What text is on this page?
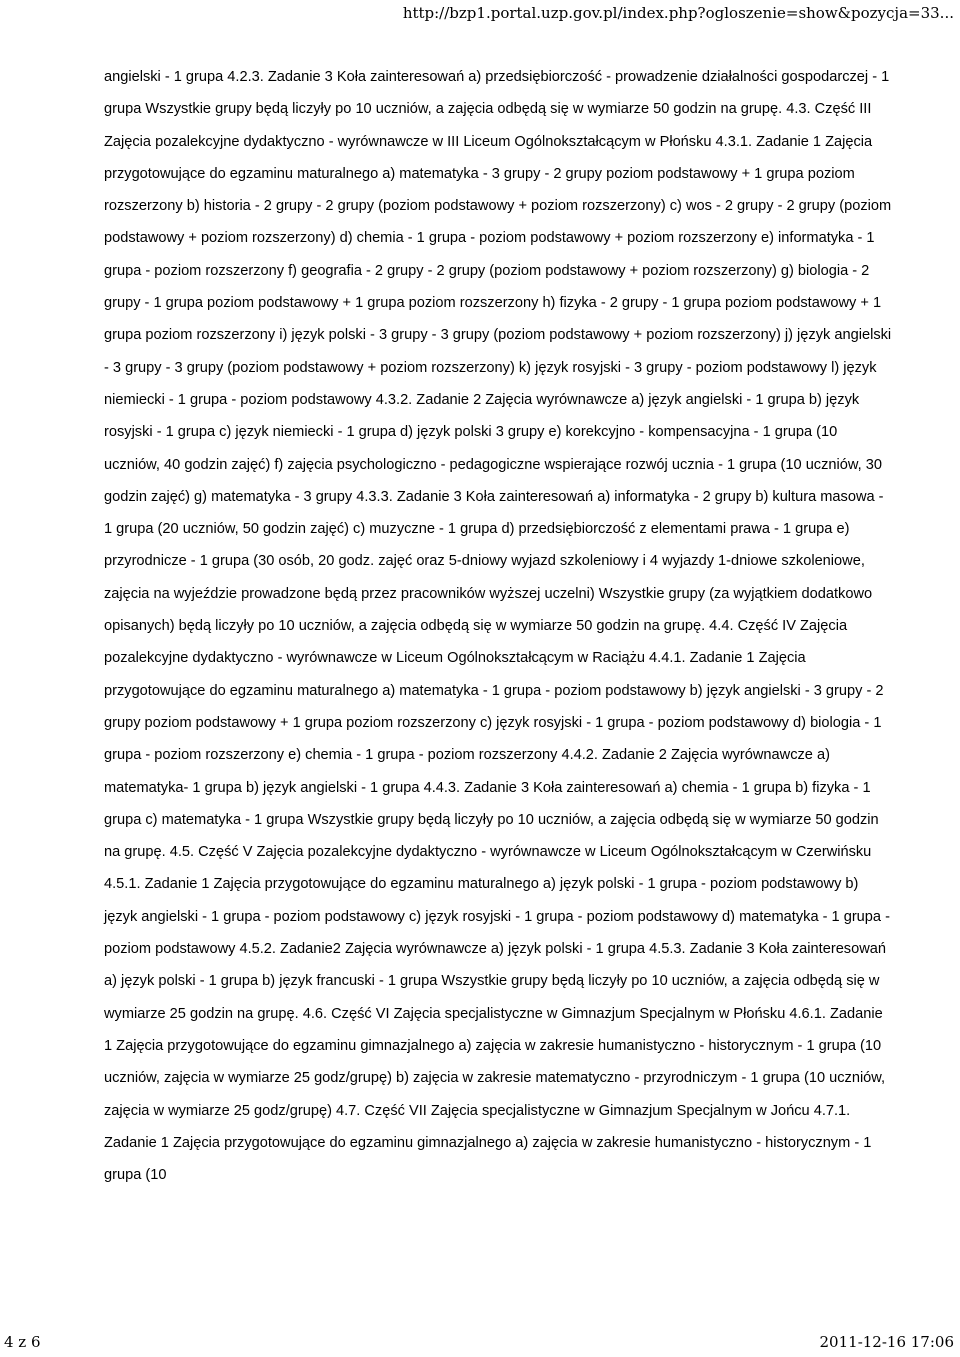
http://bzp1.portal.uzp.gov.pl/index.php?ogloszenie=show&pozycja=33...

angielski - 1 grupa 4.2.3. Zadanie 3 Koła zainteresowań a) przedsiębiorczość - prowadzenie działalności gospodarczej - 1 grupa Wszystkie grupy będą liczyły po 10 uczniów, a zajęcia odbędą się w wymiarze 50 godzin na grupę. 4.3. Część III Zajęcia pozalekcyjne dydaktyczno - wyrównawcze w III Liceum Ogólnokształcącym w Płońsku 4.3.1. Zadanie 1 Zajęcia przygotowujące do egzaminu maturalnego a) matematyka - 3 grupy - 2 grupy poziom podstawowy + 1 grupa poziom rozszerzony b) historia - 2 grupy - 2 grupy (poziom podstawowy + poziom rozszerzony) c) wos - 2 grupy - 2 grupy (poziom podstawowy + poziom rozszerzony) d) chemia - 1 grupa - poziom podstawowy + poziom rozszerzony e) informatyka - 1 grupa - poziom rozszerzony f) geografia - 2 grupy - 2 grupy (poziom podstawowy + poziom rozszerzony) g) biologia - 2 grupy - 1 grupa poziom podstawowy + 1 grupa poziom rozszerzony h) fizyka - 2 grupy - 1 grupa poziom podstawowy + 1 grupa poziom rozszerzony i) język polski - 3 grupy - 3 grupy (poziom podstawowy + poziom rozszerzony) j) język angielski - 3 grupy - 3 grupy (poziom podstawowy + poziom rozszerzony) k) język rosyjski - 3 grupy - poziom podstawowy l) język niemiecki - 1 grupa - poziom podstawowy 4.3.2. Zadanie 2 Zajęcia wyrównawcze a) język angielski - 1 grupa b) język rosyjski - 1 grupa c) język niemiecki - 1 grupa d) język polski 3 grupy e) korekcyjno - kompensacyjna - 1 grupa (10 uczniów, 40 godzin zajęć) f) zajęcia psychologiczno - pedagogiczne wspierające rozwój ucznia - 1 grupa (10 uczniów, 30 godzin zajęć) g) matematyka - 3 grupy 4.3.3. Zadanie 3 Koła zainteresowań a) informatyka - 2 grupy b) kultura masowa - 1 grupa (20 uczniów, 50 godzin zajęć) c) muzyczne - 1 grupa d) przedsiębiorczość z elementami prawa - 1 grupa e) przyrodnicze - 1 grupa (30 osób, 20 godz. zajęć oraz 5-dniowy wyjazd szkoleniowy i 4 wyjazdy 1-dniowe szkoleniowe, zajęcia na wyjeździe prowadzone będą przez pracowników wyższej uczelni) Wszystkie grupy (za wyjątkiem dodatkowo opisanych) będą liczyły po 10 uczniów, a zajęcia odbędą się w wymiarze 50 godzin na grupę. 4.4. Część IV Zajęcia pozalekcyjne dydaktyczno - wyrównawcze w Liceum Ogólnokształcącym w Raciążu 4.4.1. Zadanie 1 Zajęcia przygotowujące do egzaminu maturalnego a) matematyka - 1 grupa - poziom podstawowy b) język angielski - 3 grupy - 2 grupy poziom podstawowy + 1 grupa poziom rozszerzony c) język rosyjski - 1 grupa - poziom podstawowy d) biologia - 1 grupa - poziom rozszerzony e) chemia - 1 grupa - poziom rozszerzony 4.4.2. Zadanie 2 Zajęcia wyrównawcze a) matematyka- 1 grupa b) język angielski - 1 grupa 4.4.3. Zadanie 3 Koła zainteresowań a) chemia - 1 grupa b) fizyka - 1 grupa c) matematyka - 1 grupa Wszystkie grupy będą liczyły po 10 uczniów, a zajęcia odbędą się w wymiarze 50 godzin na grupę. 4.5. Część V Zajęcia pozalekcyjne dydaktyczno - wyrównawcze w Liceum Ogólnokształcącym w Czerwińsku 4.5.1. Zadanie 1 Zajęcia przygotowujące do egzaminu maturalnego a) język polski - 1 grupa - poziom podstawowy b) język angielski - 1 grupa - poziom podstawowy c) język rosyjski - 1 grupa - poziom podstawowy d) matematyka - 1 grupa - poziom podstawowy 4.5.2. Zadanie2 Zajęcia wyrównawcze a) język polski - 1 grupa 4.5.3. Zadanie 3 Koła zainteresowań a) język polski - 1 grupa b) język francuski - 1 grupa Wszystkie grupy będą liczyły po 10 uczniów, a zajęcia odbędą się w wymiarze 25 godzin na grupę. 4.6. Część VI Zajęcia specjalistyczne w Gimnazjum Specjalnym w Płońsku 4.6.1. Zadanie 1 Zajęcia przygotowujące do egzaminu gimnazjalnego a) zajęcia w zakresie humanistyczno - historycznym - 1 grupa (10 uczniów, zajęcia w wymiarze 25 godz/grupę) b) zajęcia w zakresie matematyczno - przyrodniczym - 1 grupa (10 uczniów, zajęcia w wymiarze 25 godz/grupę) 4.7. Część VII Zajęcia specjalistyczne w Gimnazjum Specjalnym w Jońcu 4.7.1. Zadanie 1 Zajęcia przygotowujące do egzaminu gimnazjalnego a) zajęcia w zakresie humanistyczno - historycznym - 1 grupa (10

4 z 6	2011-12-16 17:06
